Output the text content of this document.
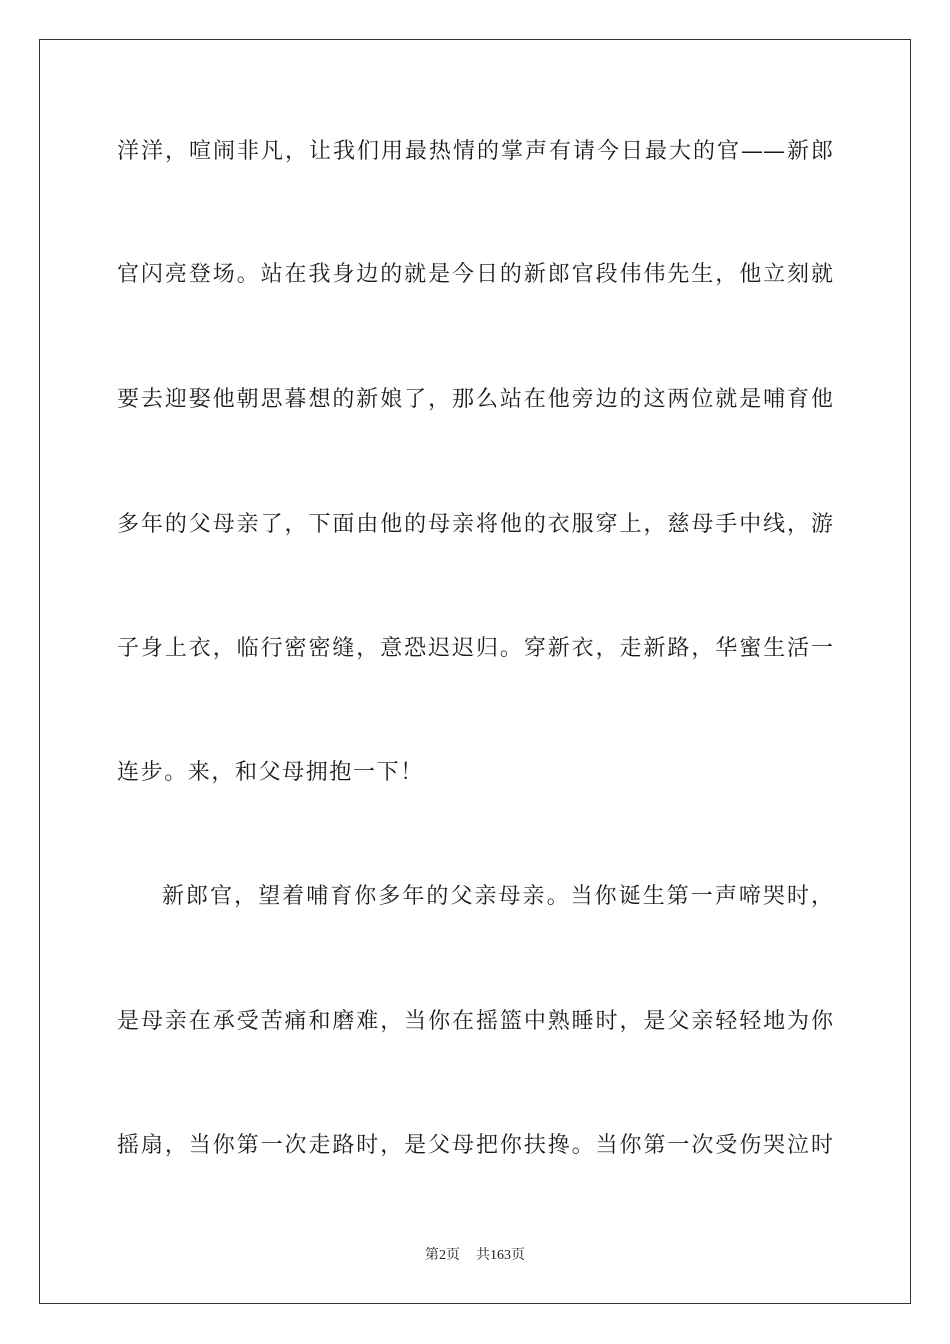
洋洋，喧闹非凡，让我们用最热情的掌声有请今日最大的官——新郎
官闪亮登场。站在我身边的就是今日的新郎官段伟伟先生，他立刻就
要去迎娶他朝思暮想的新娘了，那么站在他旁边的这两位就是哺育他
多年的父母亲了，下面由他的母亲将他的衣服穿上，慈母手中线，游
子身上衣，临行密密缝，意恐迟迟归。穿新衣，走新路，华蜜生活一
连步。来，和父母拥抱一下！
新郎官，望着哺育你多年的父亲母亲。当你诞生第一声啼哭时，
是母亲在承受苦痛和磨难，当你在摇篮中熟睡时，是父亲轻轻地为你
摇扇，当你第一次走路时，是父母把你扶搀。当你第一次受伤哭泣时
第2页 共163页
